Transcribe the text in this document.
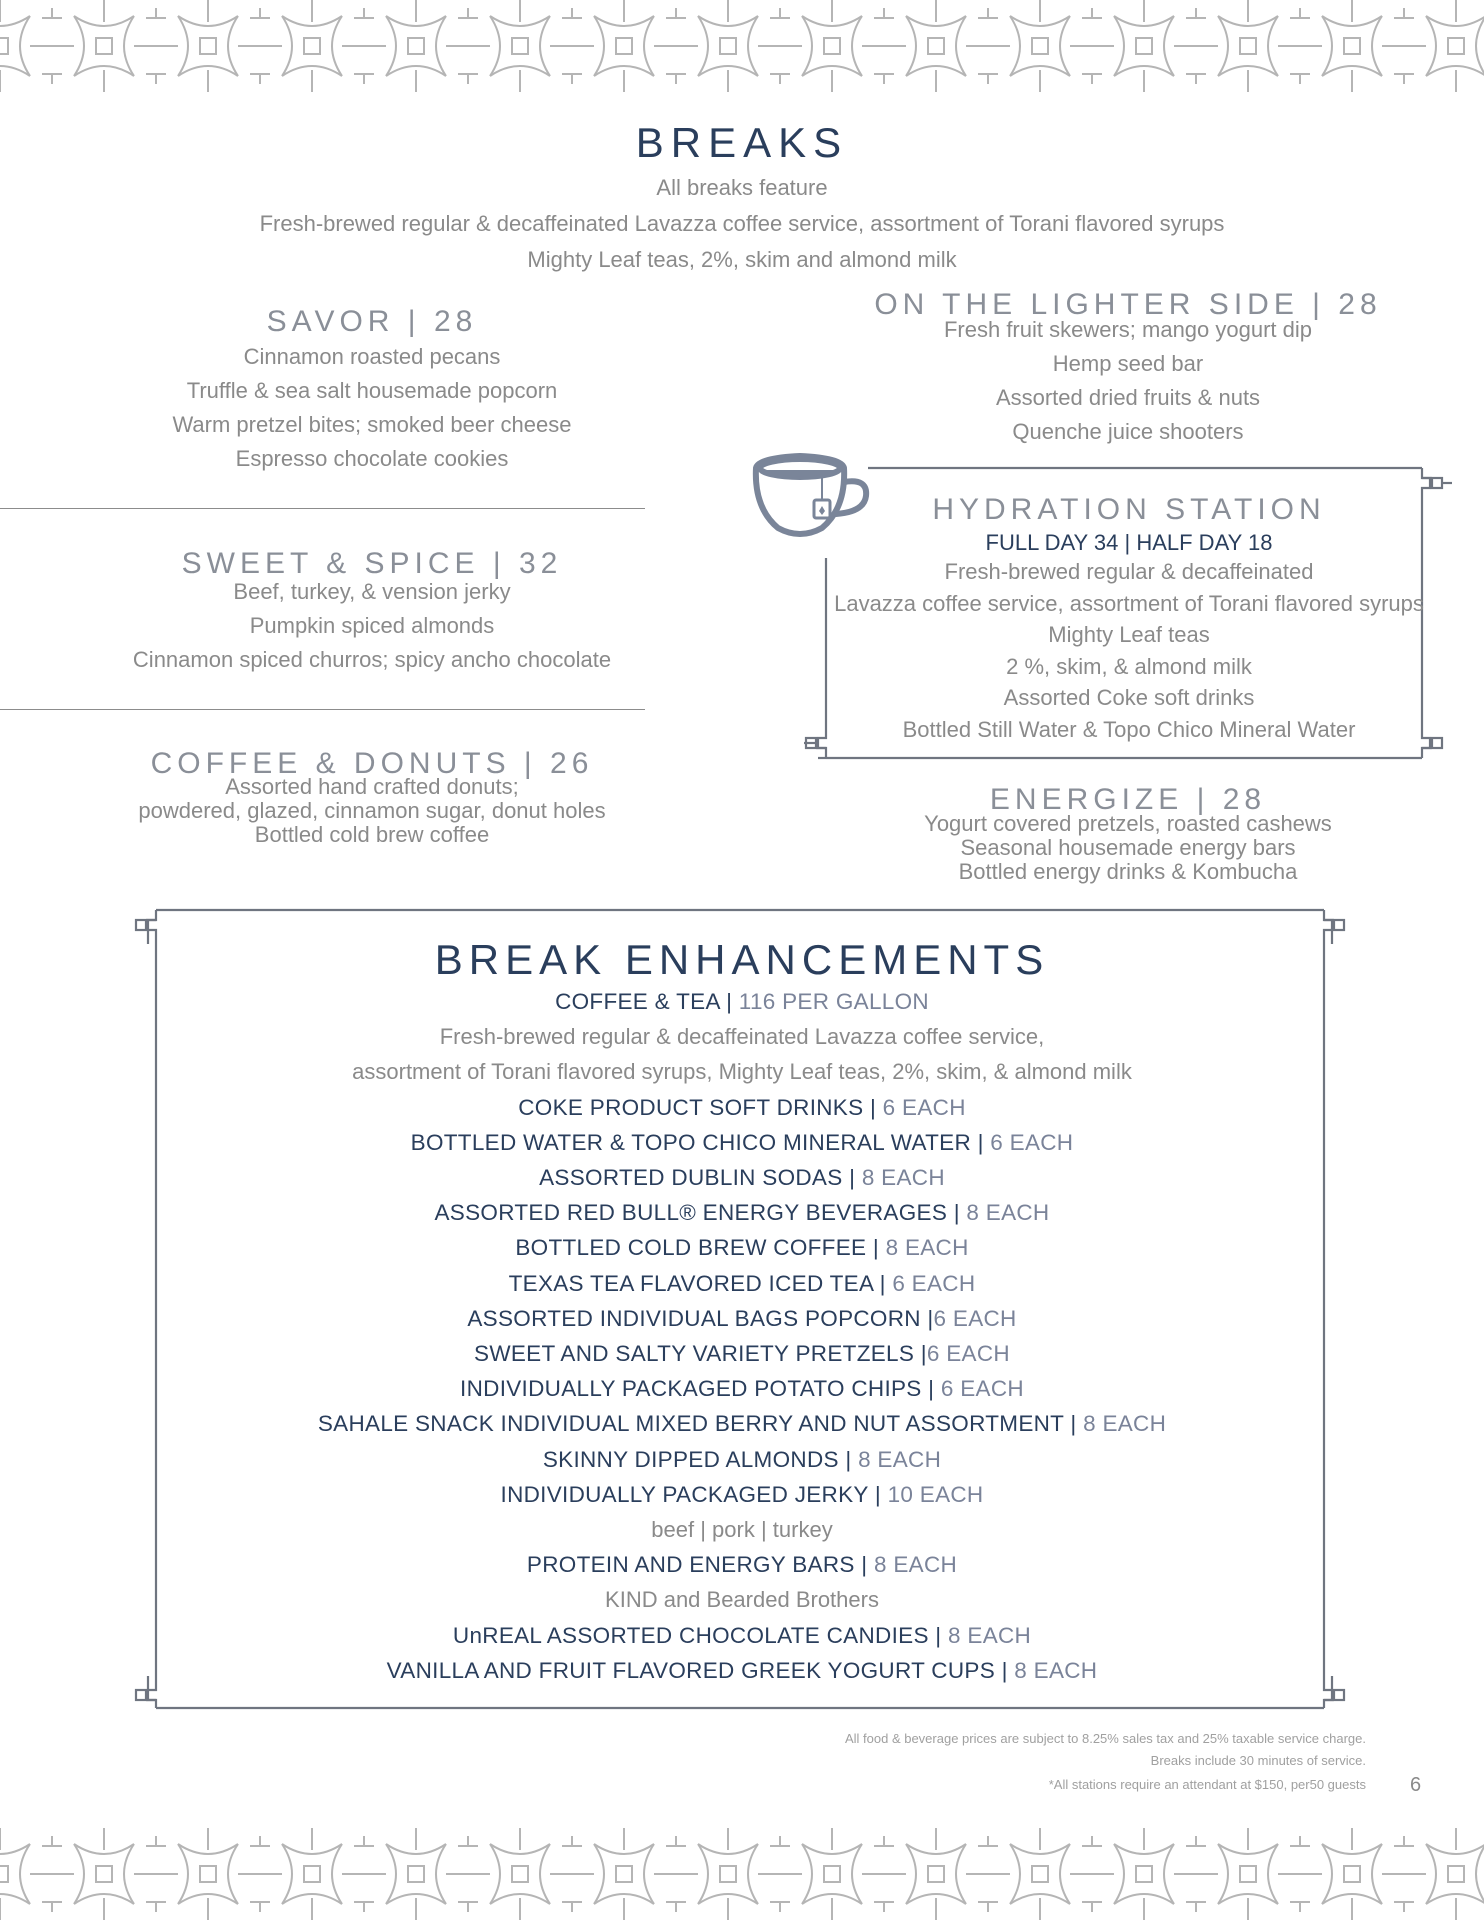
BREAKS
All breaks feature
Fresh-brewed regular & decaffeinated Lavazza coffee service, assortment of Torani flavored syrups
Mighty Leaf teas, 2%, skim and almond milk
SAVOR | 28
Cinnamon roasted pecans
Truffle & sea salt housemade popcorn
Warm pretzel bites; smoked beer cheese
Espresso chocolate cookies
SWEET & SPICE | 32
Beef, turkey, & vension jerky
Pumpkin spiced almonds
Cinnamon spiced churros; spicy ancho chocolate
COFFEE & DONUTS | 26
Assorted hand crafted donuts;
powdered, glazed, cinnamon sugar, donut holes
Bottled cold brew coffee
ON THE LIGHTER SIDE | 28
Fresh fruit skewers; mango yogurt dip
Hemp seed bar
Assorted dried fruits & nuts
Quenche juice shooters
HYDRATION STATION
FULL DAY 34 | HALF DAY 18
Fresh-brewed regular & decaffeinated
Lavazza coffee service, assortment of Torani flavored syrups
Mighty Leaf teas
2 %, skim, & almond milk
Assorted Coke soft drinks
Bottled Still Water & Topo Chico Mineral Water
ENERGIZE | 28
Yogurt covered pretzels, roasted cashews
Seasonal housemade energy bars
Bottled energy drinks & Kombucha
BREAK ENHANCEMENTS
COFFEE & TEA | 116 PER GALLON
Fresh-brewed regular & decaffeinated Lavazza coffee service,
assortment of Torani flavored syrups, Mighty Leaf teas, 2%, skim, & almond milk
COKE PRODUCT SOFT DRINKS | 6 EACH
BOTTLED WATER & TOPO CHICO MINERAL WATER | 6 EACH
ASSORTED DUBLIN SODAS | 8 EACH
ASSORTED RED BULL® ENERGY BEVERAGES | 8 EACH
BOTTLED COLD BREW COFFEE | 8 EACH
TEXAS TEA FLAVORED ICED TEA | 6 EACH
ASSORTED INDIVIDUAL BAGS POPCORN |6 EACH
SWEET AND SALTY VARIETY PRETZELS |6 EACH
INDIVIDUALLY PACKAGED POTATO CHIPS | 6 EACH
SAHALE SNACK INDIVIDUAL MIXED BERRY AND NUT ASSORTMENT | 8 EACH
SKINNY DIPPED ALMONDS | 8 EACH
INDIVIDUALLY PACKAGED JERKY | 10 EACH
beef | pork | turkey
PROTEIN AND ENERGY BARS | 8 EACH
KIND and Bearded Brothers
UnREAL ASSORTED CHOCOLATE CANDIES | 8 EACH
VANILLA AND FRUIT FLAVORED GREEK YOGURT CUPS | 8 EACH
All food & beverage prices are subject to 8.25% sales tax and 25% taxable service charge.
Breaks include 30 minutes of service.
*All stations require an attendant at $150, per50 guests 6
